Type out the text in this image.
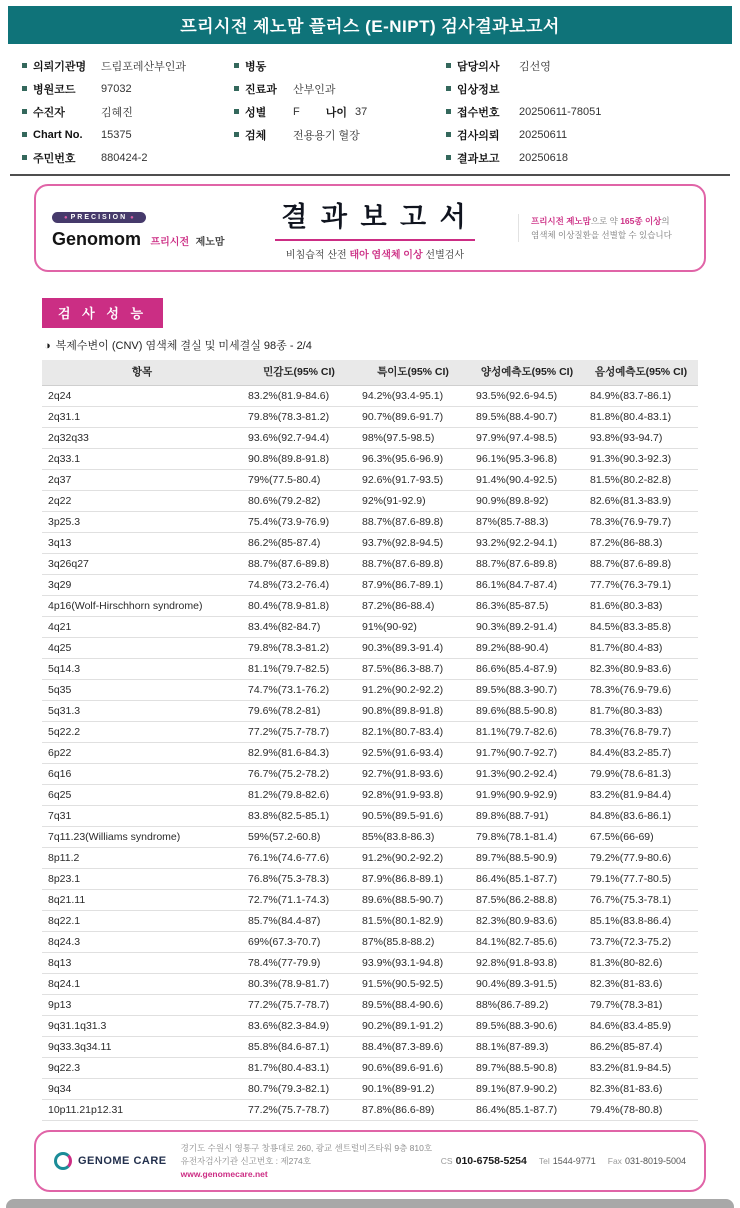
프리시전 제노맘 플러스 (E-NIPT) 검사결과보고서
의뢰기관명	드림포레산부인과
병원코드	97032
수진자	김혜진
Chart No.	15375
주민번호	880424-2
병동
진료과	산부인과
성별	F 나이 37
검체	전용용기 혈장
담당의사	김선영
임상정보
접수번호	20250611-78051
검사의뢰	20250611
결과보고	20250618
● PRECISION ●
Genomom 프리시전 제노맘
결 과 보 고 서
비침습적 산전 태아 염색체 이상 선별검사
프리시전 제노맘으로 약 165종 이상의
염색체 이상질환을 선별할 수 있습니다
검 사 성 능
◑ 복제수변이 (CNV) 염색체 결실 및 미세결실 98종 - 2/4
항목	민감도(95% CI)	특이도(95% CI)	양성예측도(95% CI)	음성예측도(95% CI)
2q24	83.2%(81.9-84.6)	94.2%(93.4-95.1)	93.5%(92.6-94.5)	84.9%(83.7-86.1)
2q31.1	79.8%(78.3-81.2)	90.7%(89.6-91.7)	89.5%(88.4-90.7)	81.8%(80.4-83.1)
2q32q33	93.6%(92.7-94.4)	98%(97.5-98.5)	97.9%(97.4-98.5)	93.8%(93-94.7)
2q33.1	90.8%(89.8-91.8)	96.3%(95.6-96.9)	96.1%(95.3-96.8)	91.3%(90.3-92.3)
2q37	79%(77.5-80.4)	92.6%(91.7-93.5)	91.4%(90.4-92.5)	81.5%(80.2-82.8)
2q22	80.6%(79.2-82)	92%(91-92.9)	90.9%(89.8-92)	82.6%(81.3-83.9)
3p25.3	75.4%(73.9-76.9)	88.7%(87.6-89.8)	87%(85.7-88.3)	78.3%(76.9-79.7)
3q13	86.2%(85-87.4)	93.7%(92.8-94.5)	93.2%(92.2-94.1)	87.2%(86-88.3)
3q26q27	88.7%(87.6-89.8)	88.7%(87.6-89.8)	88.7%(87.6-89.8)	88.7%(87.6-89.8)
3q29	74.8%(73.2-76.4)	87.9%(86.7-89.1)	86.1%(84.7-87.4)	77.7%(76.3-79.1)
4p16(Wolf-Hirschhorn syndrome)	80.4%(78.9-81.8)	87.2%(86-88.4)	86.3%(85-87.5)	81.6%(80.3-83)
4q21	83.4%(82-84.7)	91%(90-92)	90.3%(89.2-91.4)	84.5%(83.3-85.8)
4q25	79.8%(78.3-81.2)	90.3%(89.3-91.4)	89.2%(88-90.4)	81.7%(80.4-83)
5q14.3	81.1%(79.7-82.5)	87.5%(86.3-88.7)	86.6%(85.4-87.9)	82.3%(80.9-83.6)
5q35	74.7%(73.1-76.2)	91.2%(90.2-92.2)	89.5%(88.3-90.7)	78.3%(76.9-79.6)
5q31.3	79.6%(78.2-81)	90.8%(89.8-91.8)	89.6%(88.5-90.8)	81.7%(80.3-83)
5q22.2	77.2%(75.7-78.7)	82.1%(80.7-83.4)	81.1%(79.7-82.6)	78.3%(76.8-79.7)
6p22	82.9%(81.6-84.3)	92.5%(91.6-93.4)	91.7%(90.7-92.7)	84.4%(83.2-85.7)
6q16	76.7%(75.2-78.2)	92.7%(91.8-93.6)	91.3%(90.2-92.4)	79.9%(78.6-81.3)
6q25	81.2%(79.8-82.6)	92.8%(91.9-93.8)	91.9%(90.9-92.9)	83.2%(81.9-84.4)
7q31	83.8%(82.5-85.1)	90.5%(89.5-91.6)	89.8%(88.7-91)	84.8%(83.6-86.1)
7q11.23(Williams syndrome)	59%(57.2-60.8)	85%(83.8-86.3)	79.8%(78.1-81.4)	67.5%(66-69)
8p11.2	76.1%(74.6-77.6)	91.2%(90.2-92.2)	89.7%(88.5-90.9)	79.2%(77.9-80.6)
8p23.1	76.8%(75.3-78.3)	87.9%(86.8-89.1)	86.4%(85.1-87.7)	79.1%(77.7-80.5)
8q21.11	72.7%(71.1-74.3)	89.6%(88.5-90.7)	87.5%(86.2-88.8)	76.7%(75.3-78.1)
8q22.1	85.7%(84.4-87)	81.5%(80.1-82.9)	82.3%(80.9-83.6)	85.1%(83.8-86.4)
8q24.3	69%(67.3-70.7)	87%(85.8-88.2)	84.1%(82.7-85.6)	73.7%(72.3-75.2)
8q13	78.4%(77-79.9)	93.9%(93.1-94.8)	92.8%(91.8-93.8)	81.3%(80-82.6)
8q24.1	80.3%(78.9-81.7)	91.5%(90.5-92.5)	90.4%(89.3-91.5)	82.3%(81-83.6)
9p13	77.2%(75.7-78.7)	89.5%(88.4-90.6)	88%(86.7-89.2)	79.7%(78.3-81)
9q31.1q31.3	83.6%(82.3-84.9)	90.2%(89.1-91.2)	89.5%(88.3-90.6)	84.6%(83.4-85.9)
9q33.3q34.11	85.8%(84.6-87.1)	88.4%(87.3-89.6)	88.1%(87-89.3)	86.2%(85-87.4)
9q22.3	81.7%(80.4-83.1)	90.6%(89.6-91.6)	89.7%(88.5-90.8)	83.2%(81.9-84.5)
9q34	80.7%(79.3-82.1)	90.1%(89-91.2)	89.1%(87.9-90.2)	82.3%(81-83.6)
10p11.21p12.31	77.2%(75.7-78.7)	87.8%(86.6-89)	86.4%(85.1-87.7)	79.4%(78-80.8)
GENOME CARE
경기도 수원시 영통구 창룡대로 260, 광교 센트럴비즈타워 9층 810호
유전자검사기관 신고번호 : 제274호
www.genomecare.net
CS 010-6758-5254 Tel 1544-9771 Fax 031-8019-5004
